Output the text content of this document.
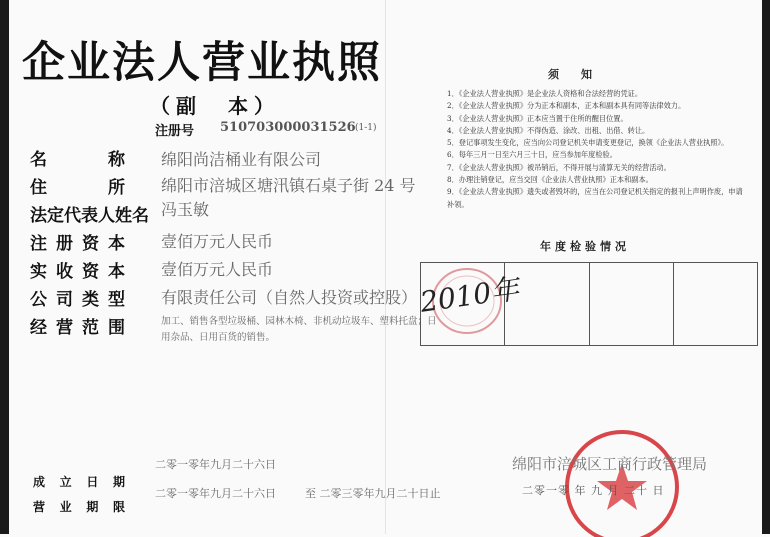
企业法人营业执照
（副　本）
注册号 510703000031526 (1-1)
名称 绵阳尚洁桶业有限公司
住所 绵阳市涪城区塘汛镇石桌子街 24 号
法定代表人姓名 冯玉敏
注册资本 壹佰万元人民币
实收资本 壹佰万元人民币
公司类型 有限责任公司（自然人投资或控股）
经营范围	加工、销售各型垃圾桶、园林木椅、非机动垃圾车、塑料托盘；日用杂品、日用百货的销售。
成立日期
二零一零年九月二十六日
营业期限
二零一零年九月二十六日	至 二零三零年九月二十日止
须知
1．《企业法人营业执照》是企业法人资格和合法经营的凭证。
2．《企业法人营业执照》分为正本和副本，正本和副本具有同等法律效力。
3．《企业法人营业执照》正本应当置于住所的醒目位置。
4．《企业法人营业执照》不得伪造、涂改、出租、出借、转让。
5．登记事项发生变化，应当向公司登记机关申请变更登记，换领《企业法人营业执照》。
6．每年三月一日至六月三十日，应当参加年度检验。
7．《企业法人营业执照》被吊销后，不得开展与清算无关的经营活动。
8．办理注销登记，应当交回《企业法人营业执照》正本和副本。
9．《企业法人营业执照》遗失或者毁坏的，应当在公司登记机关指定的报刊上声明作废，申请补领。
年度检验情况
2010年
绵阳市涪城区工商行政管理局
二零一零 年 九 月 二十 日
